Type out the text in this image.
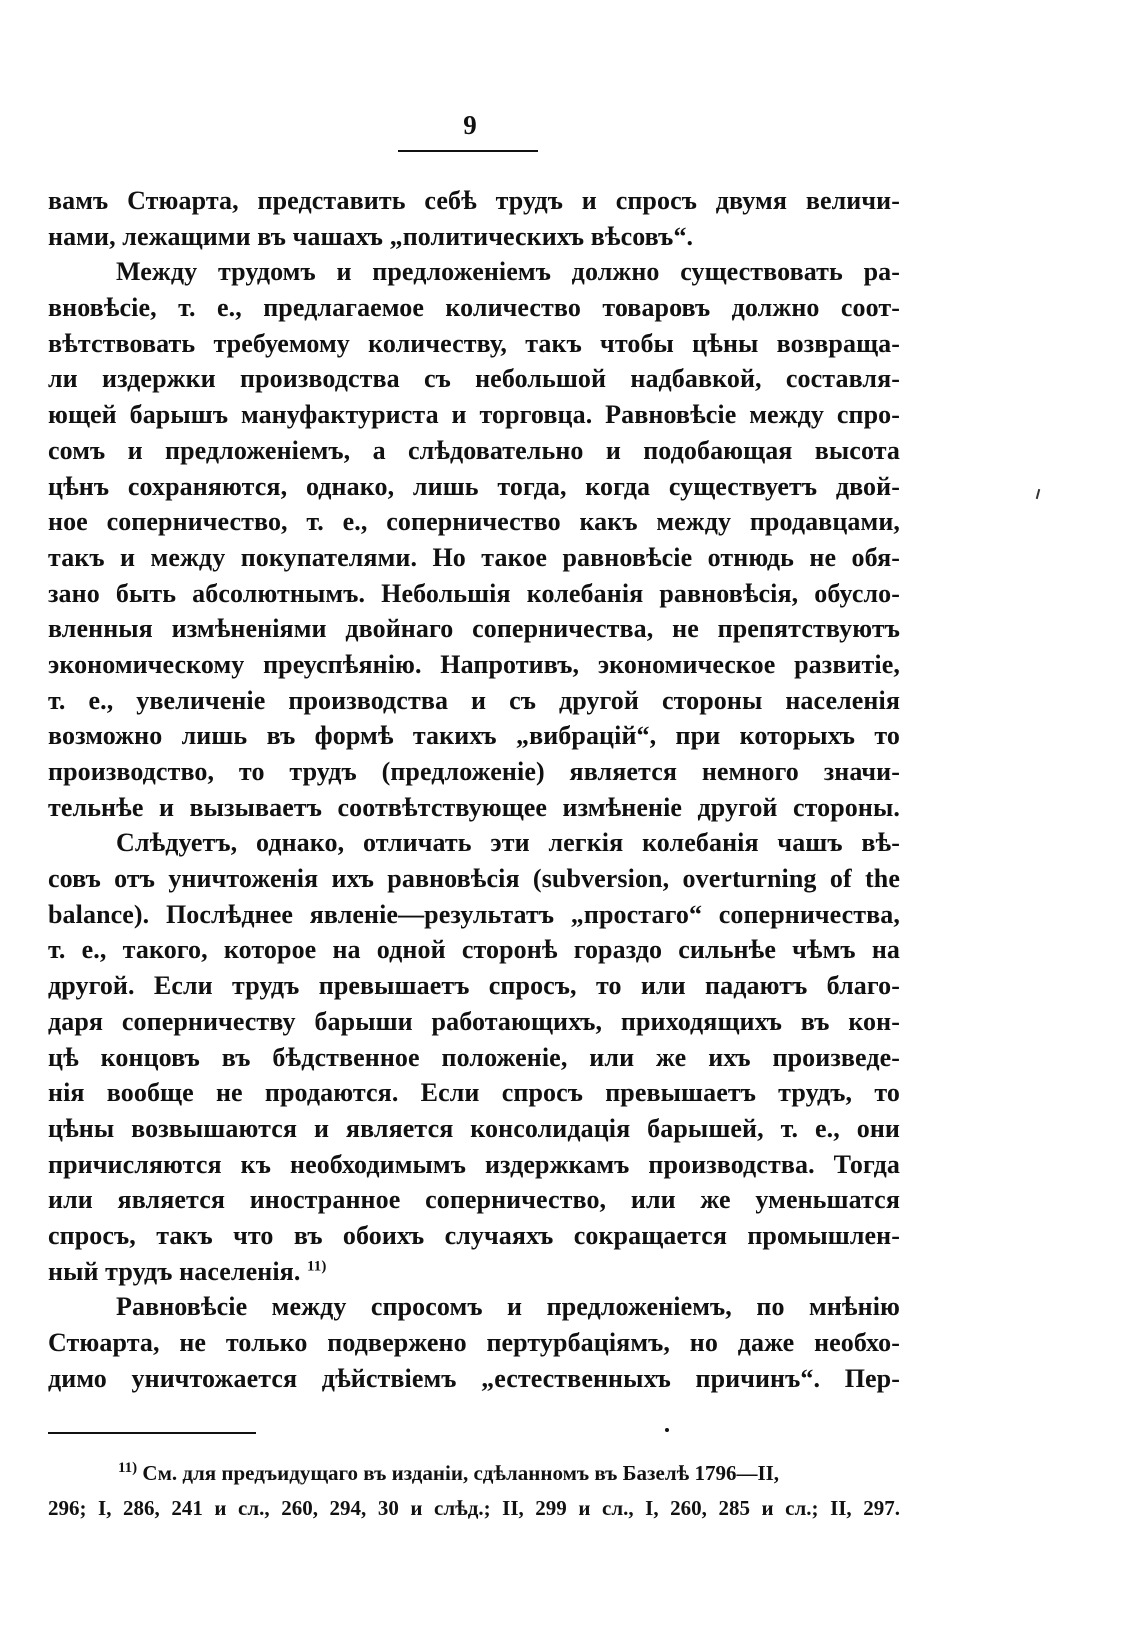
9
вамъ Стюарта, представить себѣ трудъ и спросъ двумя величи-
нами, лежащими въ чашахъ „политическихъ вѣсовъ“.
Между трудомъ и предложеніемъ должно существовать ра-
вновѣсіе, т. е., предлагаемое количество товаровъ должно соот-
вѣтствовать требуемому количеству, такъ чтобы цѣны возвраща-
ли издержки производства съ небольшой надбавкой, составля-
ющей барышъ мануфактуриста и торговца. Равновѣсіе между спро-
сомъ и предложеніемъ, а слѣдовательно и подобающая высота
цѣнъ сохраняются, однако, лишь тогда, когда существуетъ двой-
ное соперничество, т. е., соперничество какъ между продавцами,
такъ и между покупателями. Но такое равновѣсіе отнюдь не обя-
зано быть абсолютнымъ. Небольшія колебанія равновѣсія, обусло-
вленныя измѣненіями двойнаго соперничества, не препятствуютъ
экономическому преуспѣянію. Напротивъ, экономическое развитіе,
т. е., увеличеніе производства и съ другой стороны населенія
возможно лишь въ формѣ такихъ „вибрацій“, при которыхъ то
производство, то трудъ (предложеніе) является немного значи-
тельнѣе и вызываетъ соотвѣтствующее измѣненіе другой стороны.
Слѣдуетъ, однако, отличать эти легкія колебанія чашъ вѣ-
совъ отъ уничтоженія ихъ равновѣсія (subversion, overturning of the
balance). Послѣднее явленіе—результатъ „простаго“ соперничества,
т. е., такого, которое на одной сторонѣ гораздо сильнѣе чѣмъ на
другой. Если трудъ превышаетъ спросъ, то или падаютъ благо-
даря соперничеству барыши работающихъ, приходящихъ въ кон-
цѣ концовъ въ бѣдственное положеніе, или же ихъ произведе-
нія вообще не продаются. Если спросъ превышаетъ трудъ, то
цѣны возвышаются и является консолидація барышей, т. е., они
причисляются къ необходимымъ издержкамъ производства. Тогда
или является иностранное соперничество, или же уменьшатся
спросъ, такъ что въ обоихъ случаяхъ сокращается промышлен-
ный трудъ населенія. $^{11)}$
Равновѣсіе между спросомъ и предложеніемъ, по мнѣнію
Стюарта, не только подвержено пертурбаціямъ, но даже необхо-
димо уничтожается дѣйствіемъ „естественныхъ причинъ“. Пер-
$^{11)}$ См. для предъидущаго въ изданіи, сдѣланномъ въ Базелѣ 1796—II,
296; I, 286, 241 и сл., 260, 294, 30 и слѣд.; II, 299 и сл., I, 260, 285 и сл.; II, 297.
